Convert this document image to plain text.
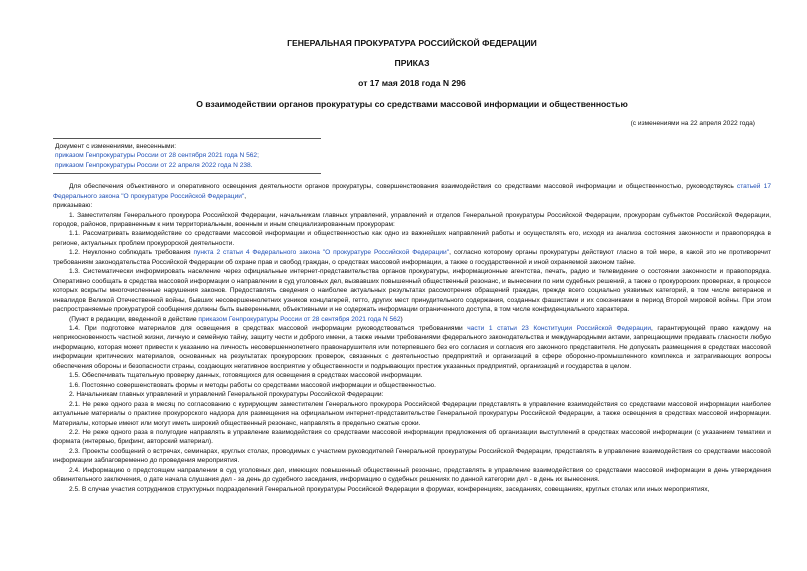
ГЕНЕРАЛЬНАЯ ПРОКУРАТУРА РОССИЙСКОЙ ФЕДЕРАЦИИ

ПРИКАЗ

от 17 мая 2018 года N 296

О взаимодействии органов прокуратуры со средствами массовой информации и общественностью

(с изменениями на 22 апреля 2022 года)
Документ с изменениями, внесенными:
приказом Генпрокуратуры России от 28 сентября 2021 года N 562;
приказом Генпрокуратуры России от 22 апреля 2022 года N 238.

Для обеспечения объективного и оперативного освещения деятельности органов прокуратуры, совершенствования взаимодействия со средствами массовой информации и общественностью, руководствуясь статьей 17 Федерального закона "О прокуратуре Российской Федерации",

приказываю:

1. Заместителям Генерального прокурора Российской Федерации, начальникам главных управлений, управлений и отделов Генеральной прокуратуры Российской Федерации, прокурорам субъектов Российской Федерации, городов, районов, приравненным к ним территориальным, военным и иным специализированным прокурорам:

1.1. Рассматривать взаимодействие со средствами массовой информации и общественностью как одно из важнейших направлений работы и осуществлять его, исходя из анализа состояния законности и правопорядка в регионе, актуальных проблем прокурорской деятельности.

1.2. Неуклонно соблюдать требования пункта 2 статьи 4 Федерального закона "О прокуратуре Российской Федерации", согласно которому органы прокуратуры действуют гласно в той мере, в какой это не противоречит требованиям законодательства Российской Федерации об охране прав и свобод граждан, о средствах массовой информации, а также о государственной и иной охраняемой законом тайне.

1.3. Систематически информировать население через официальные интернет-представительства органов прокуратуры, информационные агентства, печать, радио и телевидение о состоянии законности и правопорядка. Оперативно сообщать в средства массовой информации о направлении в суд уголовных дел, вызвавших повышенный общественный резонанс, и вынесении по ним судебных решений, а также о прокурорских проверках, в процессе которых вскрыты многочисленные нарушения законов. Предоставлять сведения о наиболее актуальных результатах рассмотрения обращений граждан, прежде всего социально уязвимых категорий, в том числе ветеранов и инвалидов Великой Отечественной войны, бывших несовершеннолетних узников концлагерей, гетто, других мест принудительного содержания, созданных фашистами и их союзниками в период Второй мировой войны. При этом распространяемые прокуратурой сообщения должны быть выверенными, объективными и не содержать информации ограниченного доступа, в том числе конфиденциального характера.

(Пункт в редакции, введенной в действие приказом Генпрокуратуры России от 28 сентября 2021 года N 562)

1.4. При подготовке материалов для освещения в средствах массовой информации руководствоваться требованиями части 1 статьи 23 Конституции Российской Федерации, гарантирующей право каждому на неприкосновенность частной жизни, личную и семейную тайну, защиту чести и доброго имени, а также иными требованиями федерального законодательства и международными актами, запрещающими предавать гласности любую информацию, которая может привести к указанию на личность несовершеннолетнего правонарушителя или потерпевшего без его согласия и согласия его законного представителя. Не допускать размещения в средствах массовой информации критических материалов, основанных на результатах прокурорских проверок, связанных с деятельностью предприятий и организаций в сфере оборонно-промышленного комплекса и затрагивающих вопросы обеспечения обороны и безопасности страны, создающих негативное восприятие у общественности и подрывающих престиж указанных предприятий, организаций и государства в целом.

1.5. Обеспечивать тщательную проверку данных, готовящихся для освещения в средствах массовой информации.

1.6. Постоянно совершенствовать формы и методы работы со средствами массовой информации и общественностью.

2. Начальникам главных управлений и управлений Генеральной прокуратуры Российской Федерации:

2.1. Не реже одного раза в месяц по согласованию с курирующим заместителем Генерального прокурора Российской Федерации представлять в управление взаимодействия со средствами массовой информации наиболее актуальные материалы о практике прокурорского надзора для размещения на официальном интернет-представительстве Генеральной прокуратуры Российской Федерации, а также освещения в средствах массовой информации. Материалы, которые имеют или могут иметь широкий общественный резонанс, направлять в предельно сжатые сроки.

2.2. Не реже одного раза в полугодие направлять в управление взаимодействия со средствами массовой информации предложения об организации выступлений в средствах массовой информации (с указанием тематики и формата (интервью, брифинг, авторский материал).

2.3. Проекты сообщений о встречах, семинарах, круглых столах, проводимых с участием руководителей Генеральной прокуратуры Российской Федерации, представлять в управление взаимодействия со средствами массовой информации заблаговременно до проведения мероприятия.

2.4. Информацию о предстоящем направлении в суд уголовных дел, имеющих повышенный общественный резонанс, представлять в управление взаимодействия со средствами массовой информации в день утверждения обвинительного заключения, о дате начала слушания дел - за день до судебного заседания, информацию о судебных решениях по данной категории дел - в день их вынесения.

2.5. В случае участия сотрудников структурных подразделений Генеральной прокуратуры Российской Федерации в форумах, конференциях, заседаниях, совещаниях, круглых столах или иных мероприятиях,
